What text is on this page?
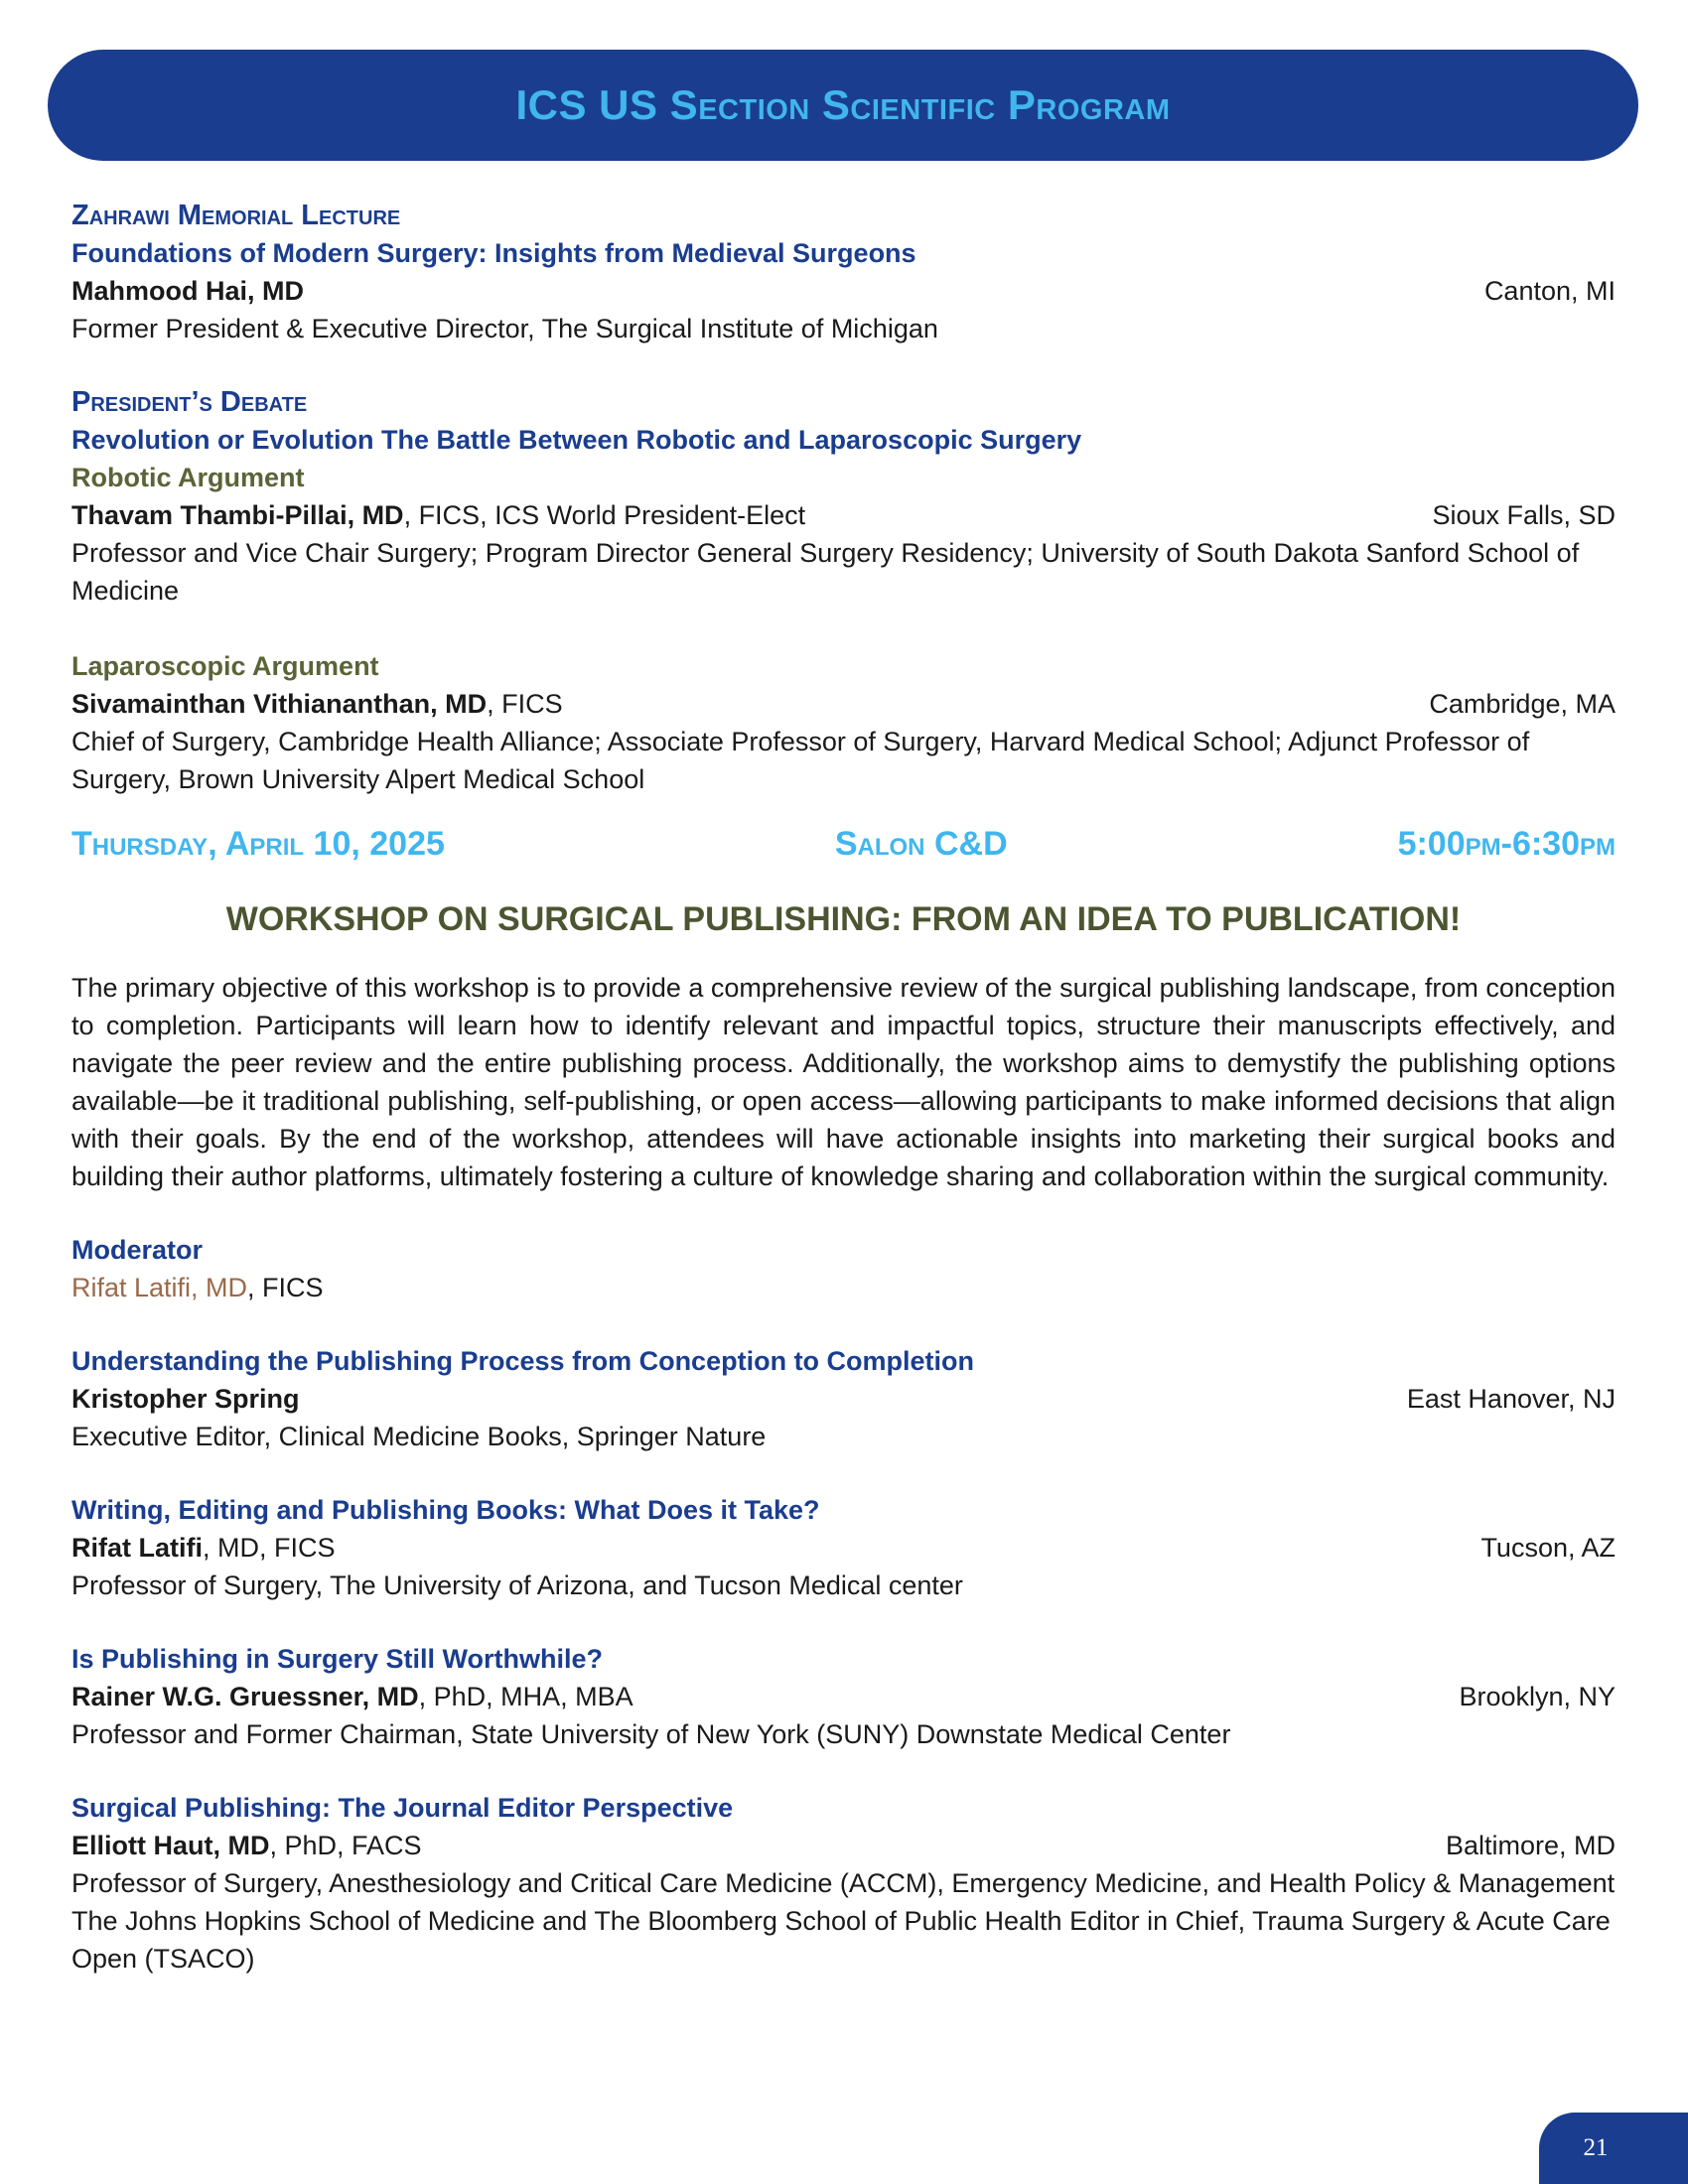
ICS US Section Scientific Program
Zahrawi Memorial Lecture
Foundations of Modern Surgery: Insights from Medieval Surgeons
Mahmood Hai, MD	Canton, MI
Former President & Executive Director, The Surgical Institute of Michigan
President’s Debate
Revolution or Evolution The Battle Between Robotic and Laparoscopic Surgery
Robotic Argument
Thavam Thambi-Pillai, MD, FICS, ICS World President-Elect	Sioux Falls, SD
Professor and Vice Chair Surgery; Program Director General Surgery Residency; University of South Dakota Sanford School of Medicine
Laparoscopic Argument
Sivamainthan Vithiananthan, MD, FICS	Cambridge, MA
Chief of Surgery, Cambridge Health Alliance; Associate Professor of Surgery, Harvard Medical School; Adjunct Professor of Surgery, Brown University Alpert Medical School
Thursday, April 10, 2025	Salon C&D	5:00pm-6:30pm
WORKSHOP ON SURGICAL PUBLISHING: FROM AN IDEA TO PUBLICATION!
The primary objective of this workshop is to provide a comprehensive review of the surgical publishing landscape, from conception to completion. Participants will learn how to identify relevant and impactful topics, structure their manuscripts effectively, and navigate the peer review and the entire publishing process. Additionally, the workshop aims to demystify the publishing options available—be it traditional publishing, self-publishing, or open access—allowing participants to make informed decisions that align with their goals. By the end of the workshop, attendees will have actionable insights into marketing their surgical books and building their author platforms, ultimately fostering a culture of knowledge sharing and collaboration within the surgical community.
Moderator
Rifat Latifi, MD, FICS
Understanding the Publishing Process from Conception to Completion
Kristopher Spring	East Hanover, NJ
Executive Editor, Clinical Medicine Books, Springer Nature
Writing, Editing and Publishing Books: What Does it Take?
Rifat Latifi, MD, FICS	Tucson, AZ
Professor of Surgery, The University of Arizona, and Tucson Medical center
Is Publishing in Surgery Still Worthwhile?
Rainer W.G. Gruessner, MD, PhD, MHA, MBA	Brooklyn, NY
Professor and Former Chairman, State University of New York (SUNY) Downstate Medical Center
Surgical Publishing: The Journal Editor Perspective
Elliott Haut, MD, PhD, FACS	Baltimore, MD
Professor of Surgery, Anesthesiology and Critical Care Medicine (ACCM), Emergency Medicine, and Health Policy & Management The Johns Hopkins School of Medicine and The Bloomberg School of Public Health Editor in Chief, Trauma Surgery & Acute Care Open (TSACO)
21
